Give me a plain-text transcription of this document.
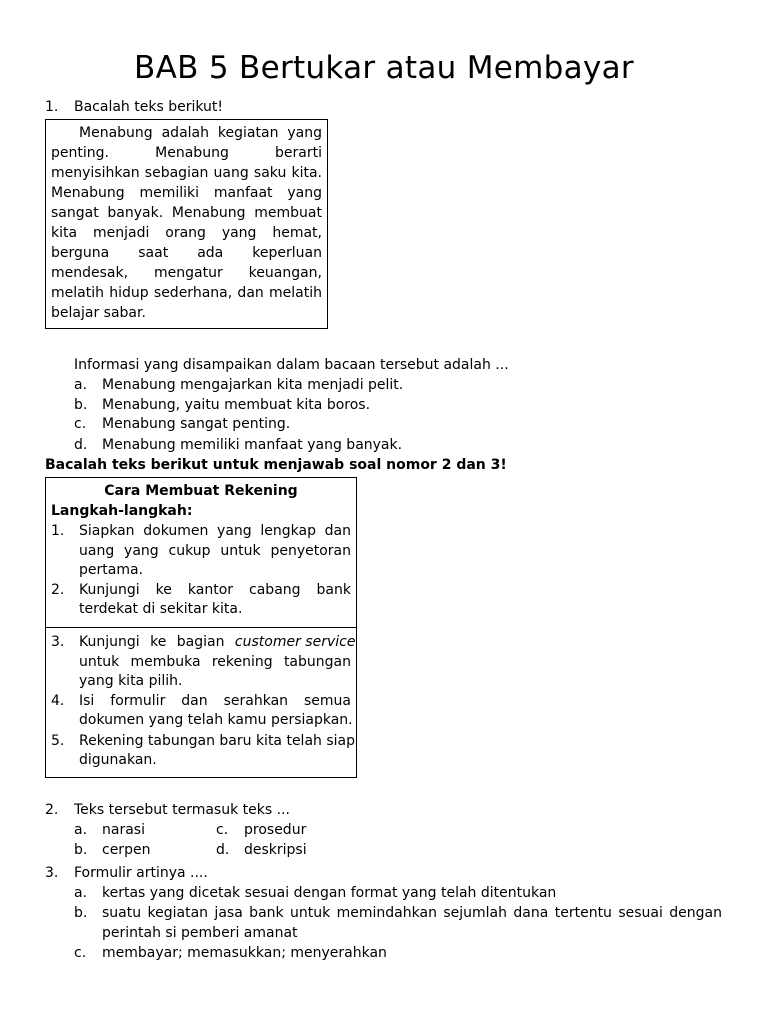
BAB 5 Bertukar atau Membayar
1. Bacalah teks berikut!
Menabung adalah kegiatan yang
penting. Menabung berarti
menyisihkan sebagian uang saku kita.
Menabung memiliki manfaat yang
sangat banyak. Menabung membuat
kita menjadi orang yang hemat,
berguna saat ada keperluan
mendesak, mengatur keuangan,
melatih hidup sederhana, dan melatih
belajar sabar.
Informasi yang disampaikan dalam bacaan tersebut adalah ...
a. Menabung mengajarkan kita menjadi pelit.
b. Menabung, yaitu membuat kita boros.
c. Menabung sangat penting.
d. Menabung memiliki manfaat yang banyak.
Bacalah teks berikut untuk menjawab soal nomor 2 dan 3!
Cara Membuat Rekening
Langkah-langkah:
1. Siapkan dokumen yang lengkap dan
uang yang cukup untuk penyetoran
pertama.
2. Kunjungi ke kantor cabang bank
terdekat di sekitar kita.
3. Kunjungi ke bagian customer service
untuk membuka rekening tabungan
yang kita pilih.
4. Isi formulir dan serahkan semua
dokumen yang telah kamu persiapkan.
5. Rekening tabungan baru kita telah siap
digunakan.
2. Teks tersebut termasuk teks ...
a. narasi	c. prosedur
b. cerpen	d. deskripsi
3. Formulir artinya ....
a. kertas yang dicetak sesuai dengan format yang telah ditentukan
b. suatu kegiatan jasa bank untuk memindahkan sejumlah dana tertentu sesuai dengan
perintah si pemberi amanat
c. membayar; memasukkan; menyerahkan
